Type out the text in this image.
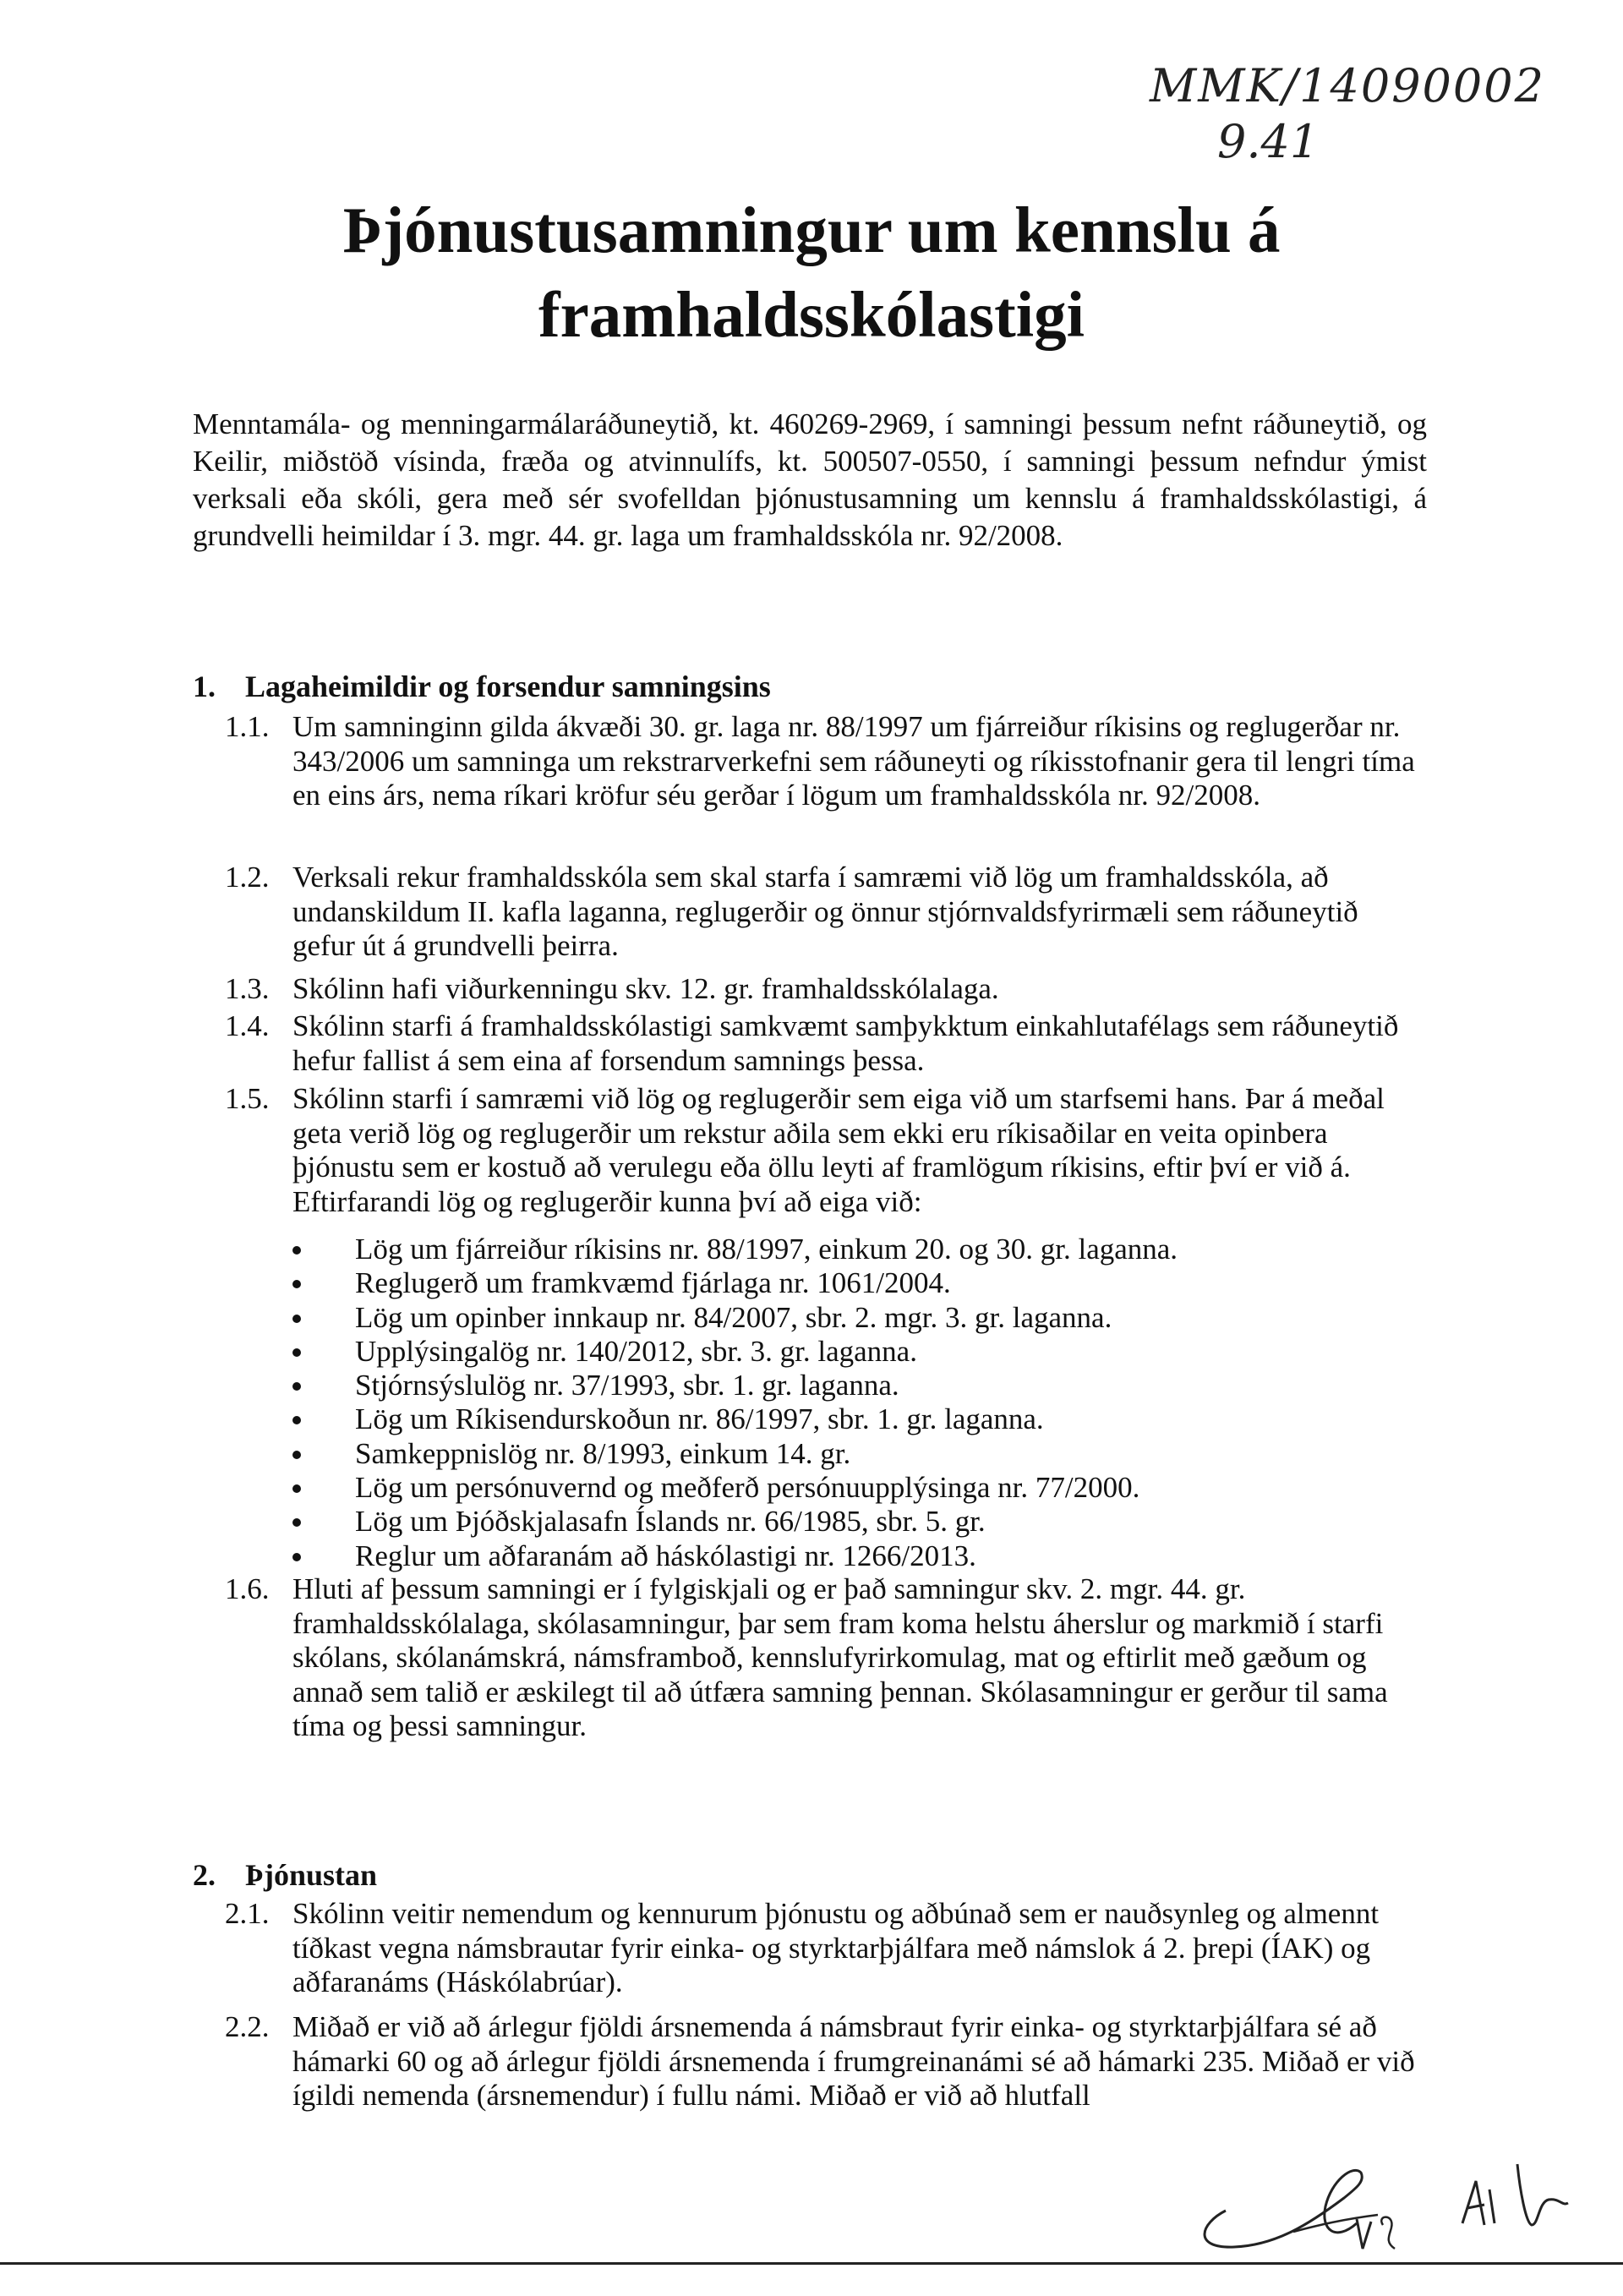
MMK/14090002
9.41
Þjónustusamningur um kennslu á
framhaldsskólastigi

Menntamála- og menningarmálaráðuneytið, kt. 460269-2969, í samningi þessum nefnt ráðuneytið, og Keilir, miðstöð vísinda, fræða og atvinnulífs, kt. 500507-0550, í samningi þessum nefndur ýmist verksali eða skóli, gera með sér svofelldan þjónustusamning um kennslu á framhaldsskólastigi, á grundvelli heimildar í 3. mgr. 44. gr. laga um framhaldsskóla nr. 92/2008.

1. Lagaheimildir og forsendur samningsins
1.1. Um samninginn gilda ákvæði 30. gr. laga nr. 88/1997 um fjárreiður ríkisins og reglugerðar nr. 343/2006 um samninga um rekstrarverkefni sem ráðuneyti og ríkisstofnanir gera til lengri tíma en eins árs, nema ríkari kröfur séu gerðar í lögum um framhaldsskóla nr. 92/2008.
1.2. Verksali rekur framhaldsskóla sem skal starfa í samræmi við lög um framhaldsskóla, að undanskildum II. kafla laganna, reglugerðir og önnur stjórnvaldsfyrirmæli sem ráðuneytið gefur út á grundvelli þeirra.
1.3. Skólinn hafi viðurkenningu skv. 12. gr. framhaldsskólalaga.
1.4. Skólinn starfi á framhaldsskólastigi samkvæmt samþykktum einkahlutafélags sem ráðuneytið hefur fallist á sem eina af forsendum samnings þessa.
1.5. Skólinn starfi í samræmi við lög og reglugerðir sem eiga við um starfsemi hans. Þar á meðal geta verið lög og reglugerðir um rekstur aðila sem ekki eru ríkisaðilar en veita opinbera þjónustu sem er kostuð að verulegu eða öllu leyti af framlögum ríkisins, eftir því er við á. Eftirfarandi lög og reglugerðir kunna því að eiga við:
Lög um fjárreiður ríkisins nr. 88/1997, einkum 20. og 30. gr. laganna.
Reglugerð um framkvæmd fjárlaga nr. 1061/2004.
Lög um opinber innkaup nr. 84/2007, sbr. 2. mgr. 3. gr. laganna.
Upplýsingalög nr. 140/2012, sbr. 3. gr. laganna.
Stjórnsýslulög nr. 37/1993, sbr. 1. gr. laganna.
Lög um Ríkisendurskoðun nr. 86/1997, sbr. 1. gr. laganna.
Samkeppnislög nr. 8/1993, einkum 14. gr.
Lög um persónuvernd og meðferð persónuupplýsinga nr. 77/2000.
Lög um Þjóðskjalasafn Íslands nr. 66/1985, sbr. 5. gr.
Reglur um aðfaranám að háskólastigi nr. 1266/2013.
1.6. Hluti af þessum samningi er í fylgiskjali og er það samningur skv. 2. mgr. 44. gr. framhaldsskólalaga, skólasamningur, þar sem fram koma helstu áherslur og markmið í starfi skólans, skólanámskrá, námsframboð, kennslufyrirkomulag, mat og eftirlit með gæðum og annað sem talið er æskilegt til að útfæra samning þennan. Skólasamningur er gerður til sama tíma og þessi samningur.
2. Þjónustan
2.1. Skólinn veitir nemendum og kennurum þjónustu og aðbúnað sem er nauðsynleg og almennt tíðkast vegna námsbrautar fyrir einka- og styrktarþjálfara með námslok á 2. þrepi (ÍAK) og aðfaranáms (Háskólabrúar).
2.2. Miðað er við að árlegur fjöldi ársnemenda á námsbraut fyrir einka- og styrktarþjálfara sé að hámarki 60 og að árlegur fjöldi ársnemenda í frumgreinanámi sé að hámarki 235. Miðað er við ígildi nemenda (ársnemendur) í fullu námi. Miðað er við að hlutfall
